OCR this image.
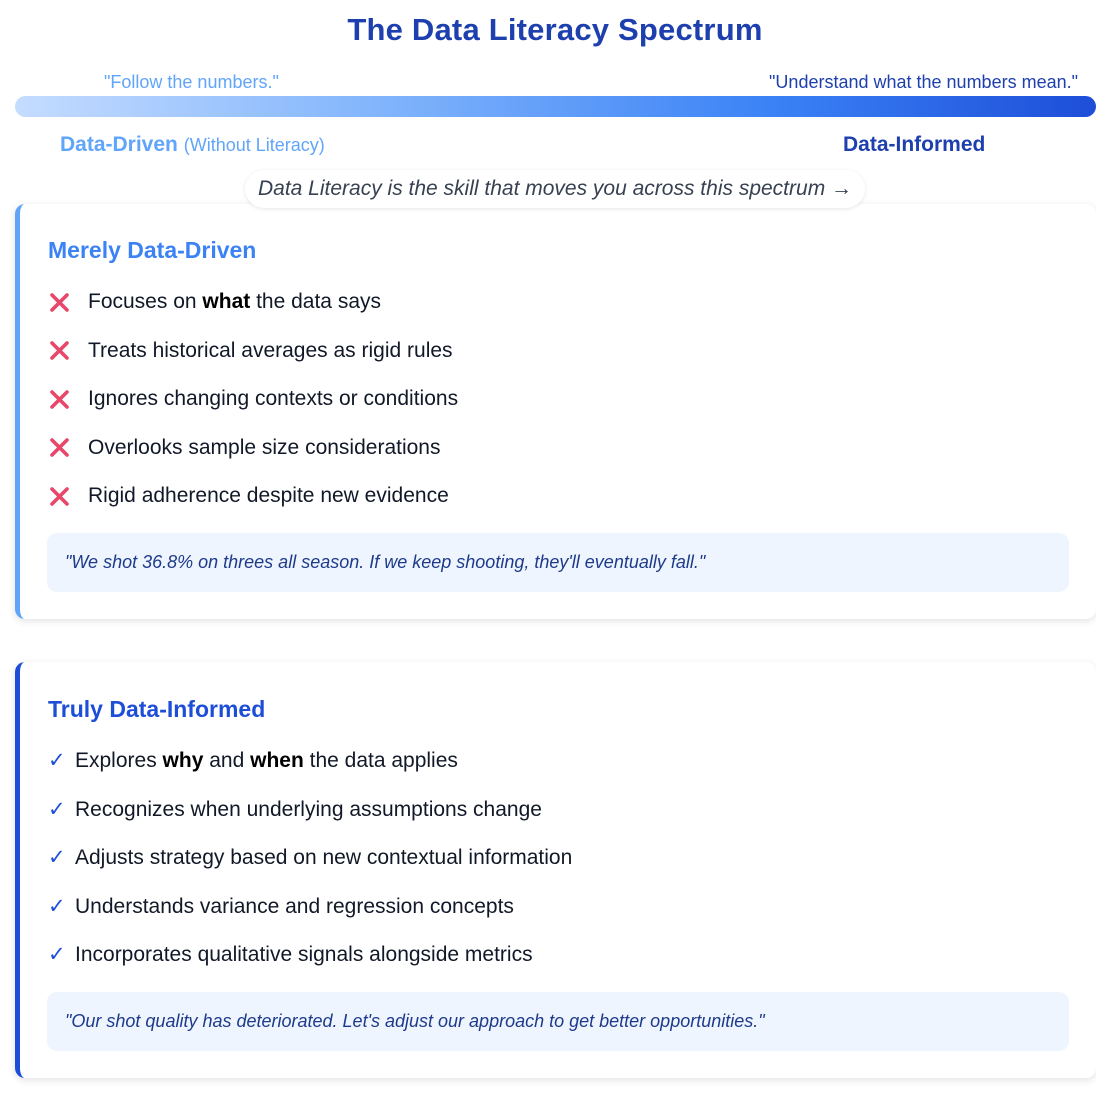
The Data Literacy Spectrum
"Follow the numbers."	"Understand what the numbers mean."
Data-Driven (Without Literacy)	Data-Informed
Data Literacy is the skill that moves you across this spectrum →
Merely Data-Driven
Focuses on what the data says
Treats historical averages as rigid rules
Ignores changing contexts or conditions
Overlooks sample size considerations
Rigid adherence despite new evidence
"We shot 36.8% on threes all season. If we keep shooting, they'll eventually fall."
Truly Data-Informed
✓ Explores why and when the data applies
✓ Recognizes when underlying assumptions change
✓ Adjusts strategy based on new contextual information
✓ Understands variance and regression concepts
✓ Incorporates qualitative signals alongside metrics
"Our shot quality has deteriorated. Let's adjust our approach to get better opportunities."
